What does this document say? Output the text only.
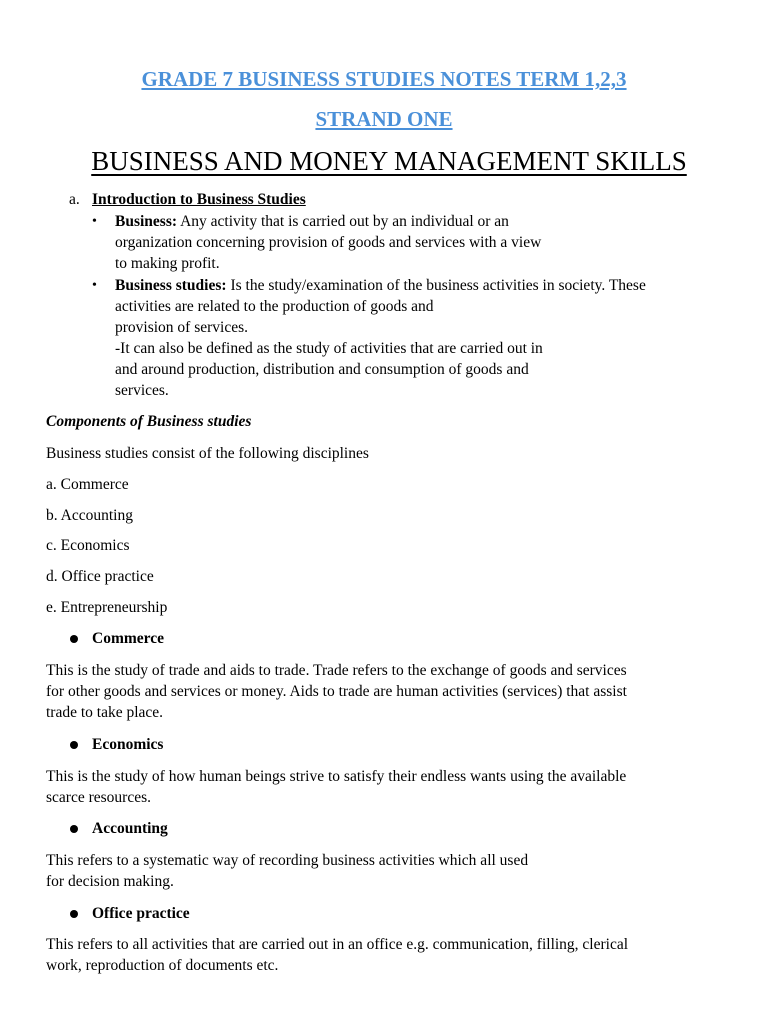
GRADE 7 BUSINESS STUDIES NOTES TERM 1,2,3
STRAND ONE
BUSINESS AND MONEY MANAGEMENT SKILLS
a. Introduction to Business Studies
• Business: Any activity that is carried out by an individual or an
organization concerning provision of goods and services with a view
to making profit.
• Business studies: Is the study/examination of the business activities in society. These
activities are related to the production of goods and
provision of services.
-It can also be defined as the study of activities that are carried out in
and around production, distribution and consumption of goods and
services.
Components of Business studies
Business studies consist of the following disciplines
a. Commerce
b. Accounting
c. Economics
d. Office practice
e. Entrepreneurship
Commerce
This is the study of trade and aids to trade. Trade refers to the exchange of goods and services
for other goods and services or money. Aids to trade are human activities (services) that assist
trade to take place.
Economics
This is the study of how human beings strive to satisfy their endless wants using the available
scarce resources.
Accounting
This refers to a systematic way of recording business activities which all used
for decision making.
Office practice
This refers to all activities that are carried out in an office e.g. communication, filling, clerical
work, reproduction of documents etc.
